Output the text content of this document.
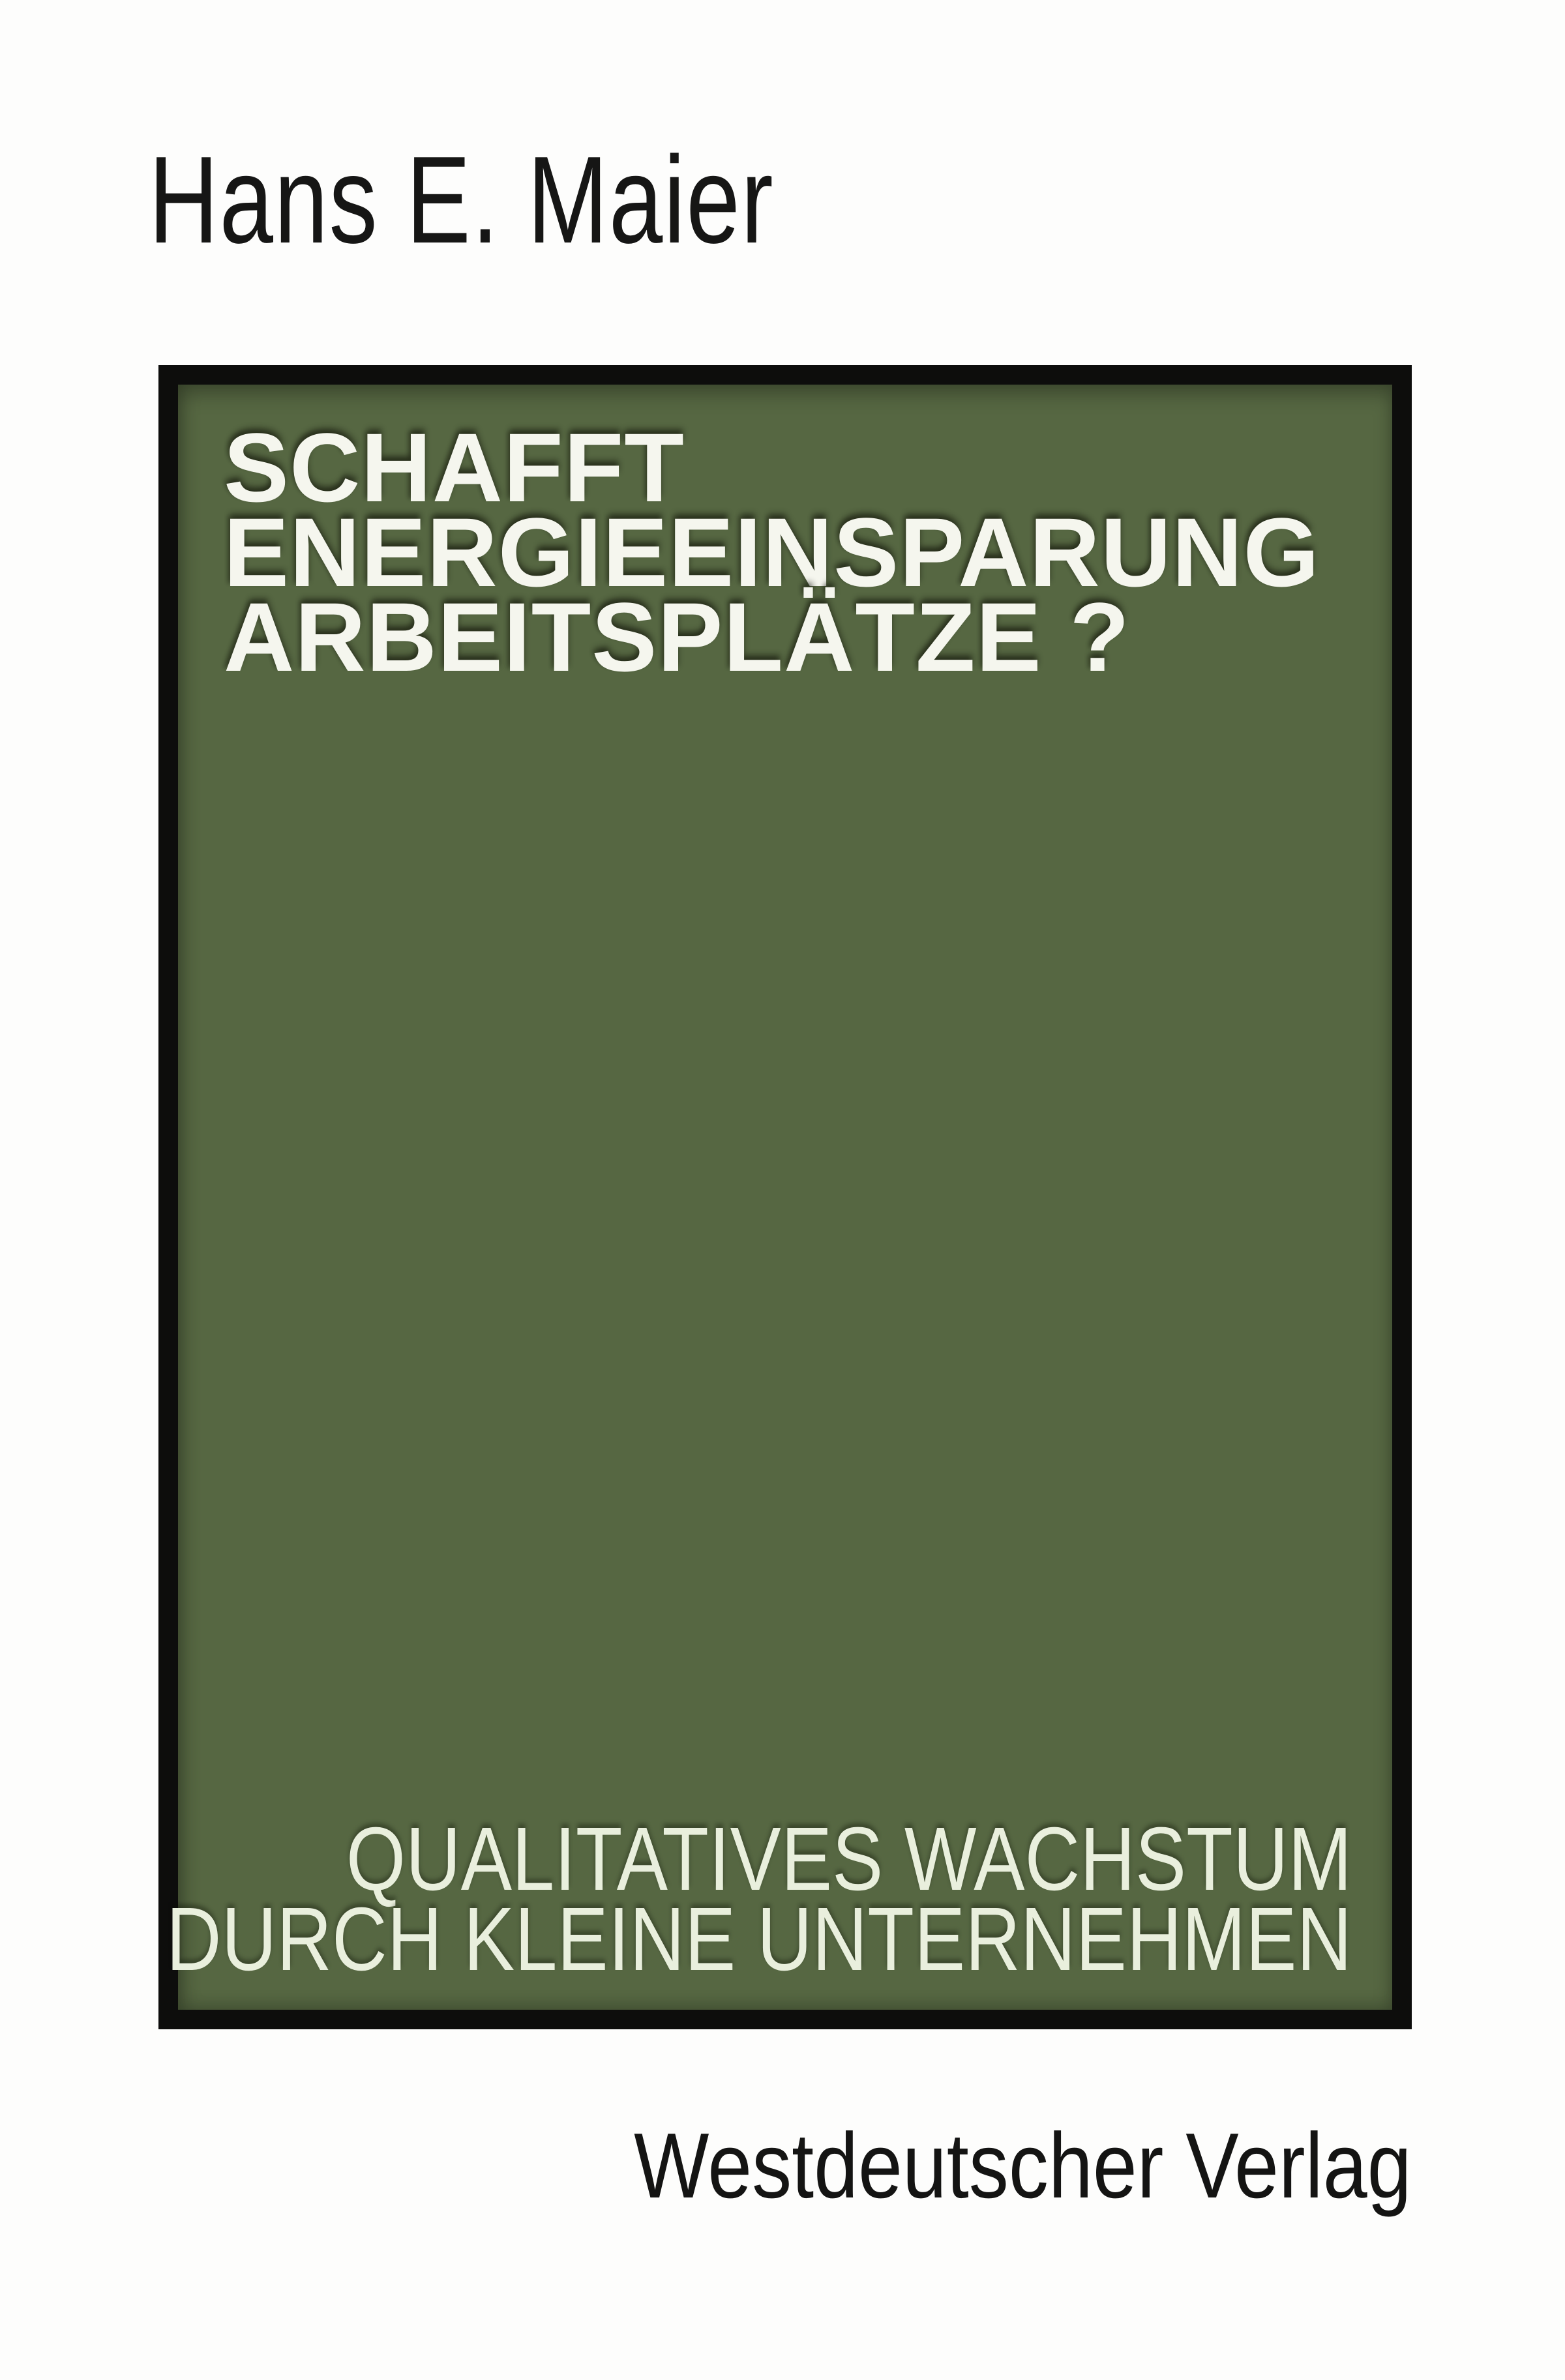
Hans E. Maier
SCHAFFT
ENERGIEEINSPARUNG
ARBEITSPLÄTZE ?
QUALITATIVES WACHSTUM
DURCH KLEINE UNTERNEHMEN
Westdeutscher Verlag
